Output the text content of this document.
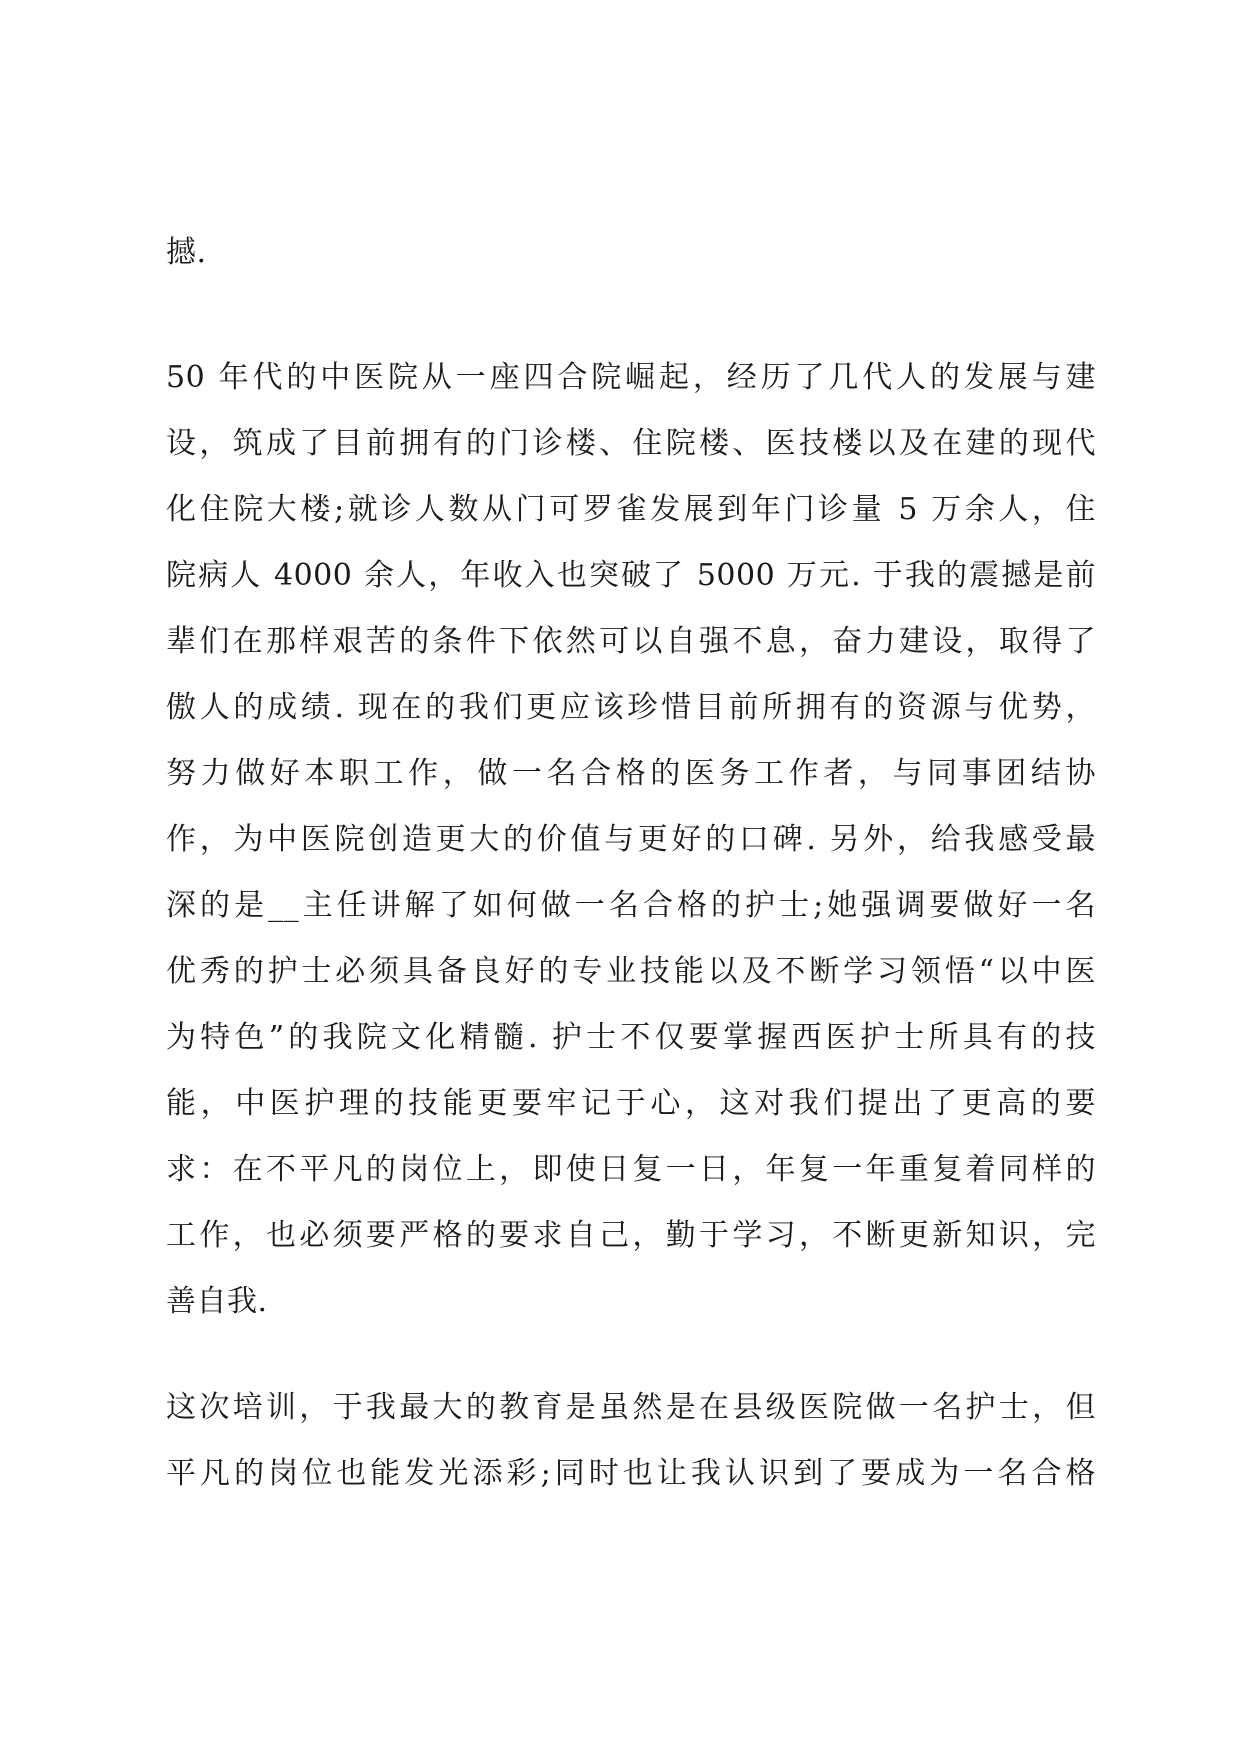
撼.
50 年代的中医院从一座四合院崛起，经历了几代人的发展与建
设，筑成了目前拥有的门诊楼、住院楼、医技楼以及在建的现代
化住院大楼;就诊人数从门可罗雀发展到年门诊量 5 万余人，住
院病人 4000 余人，年收入也突破了 5000 万元. 于我的震撼是前
辈们在那样艰苦的条件下依然可以自强不息，奋力建设，取得了
傲人的成绩. 现在的我们更应该珍惜目前所拥有的资源与优势，
努力做好本职工作，做一名合格的医务工作者，与同事团结协
作，为中医院创造更大的价值与更好的口碑. 另外，给我感受最
深的是__主任讲解了如何做一名合格的护士;她强调要做好一名
优秀的护士必须具备良好的专业技能以及不断学习领悟“以中医
为特色”的我院文化精髓. 护士不仅要掌握西医护士所具有的技
能，中医护理的技能更要牢记于心，这对我们提出了更高的要
求：在不平凡的岗位上，即使日复一日，年复一年重复着同样的
工作，也必须要严格的要求自己，勤于学习，不断更新知识，完
善自我.
这次培训，于我最大的教育是虽然是在县级医院做一名护士，但
平凡的岗位也能发光添彩;同时也让我认识到了要成为一名合格
